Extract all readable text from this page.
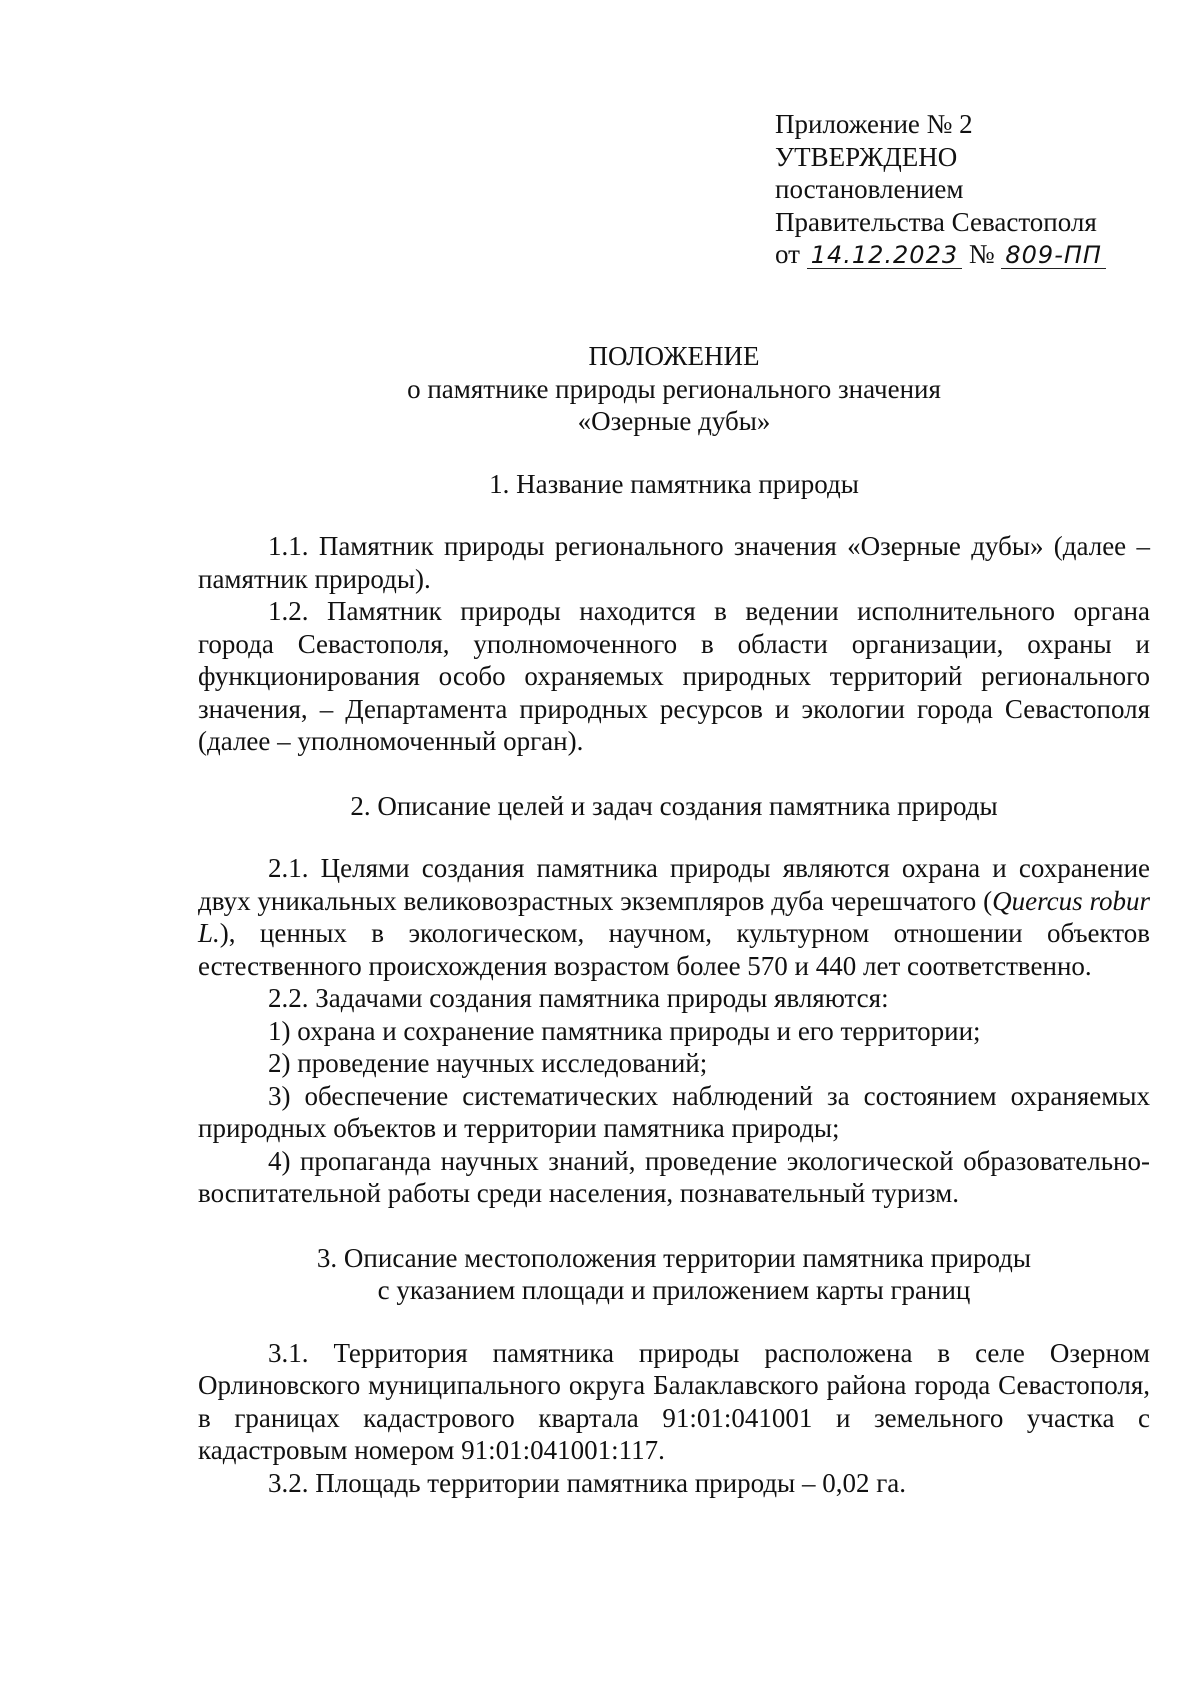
Приложение № 2
УТВЕРЖДЕНО
постановлением
Правительства Севастополя
от 14.12.2023 № 809-ПП

ПОЛОЖЕНИЕ

о памятнике природы регионального значения

«Озерные дубы»

1. Название памятника природы

1.1. Памятник природы регионального значения «Озерные дубы» (далее – памятник природы).

1.2. Памятник природы находится в ведении исполнительного органа города Севастополя, уполномоченного в области организации, охраны и функционирования особо охраняемых природных территорий регионального значения, – Департамента природных ресурсов и экологии города Севастополя (далее – уполномоченный орган).

2. Описание целей и задач создания памятника природы

2.1. Целями создания памятника природы являются охрана и сохранение двух уникальных великовозрастных экземпляров дуба черешчатого (Quercus robur L.), ценных в экологическом, научном, культурном отношении объектов естественного происхождения возрастом более 570 и 440 лет соответственно.

2.2. Задачами создания памятника природы являются:

1) охрана и сохранение памятника природы и его территории;

2) проведение научных исследований;

3) обеспечение систематических наблюдений за состоянием охраняемых природных объектов и территории памятника природы;

4) пропаганда научных знаний, проведение экологической образовательно-воспитательной работы среди населения, познавательный туризм.

3. Описание местоположения территории памятника природы

с указанием площади и приложением карты границ

3.1. Территория памятника природы расположена в селе Озерном Орлиновского муниципального округа Балаклавского района города Севастополя, в границах кадастрового квартала 91:01:041001 и земельного участка с кадастровым номером 91:01:041001:117.

3.2. Площадь территории памятника природы – 0,02 га.
